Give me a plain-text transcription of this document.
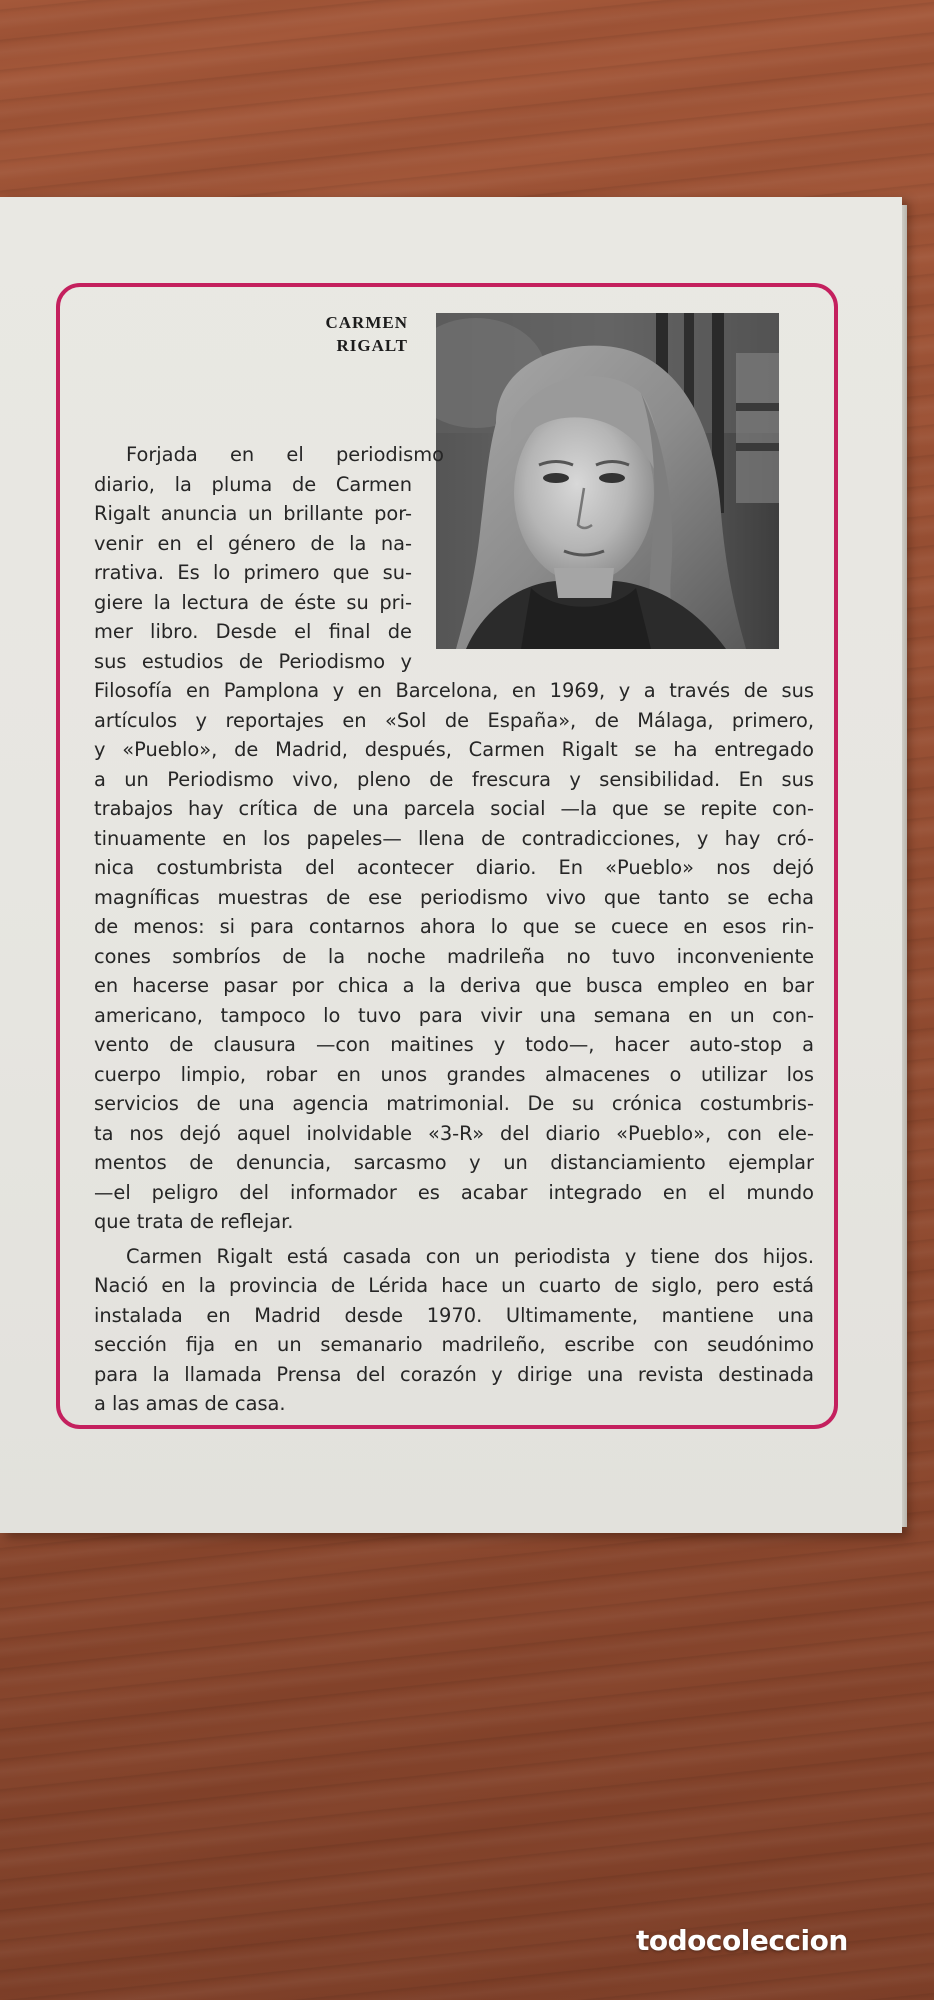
CARMEN
RIGALT

Forjada en el periodismo
diario, la pluma de Carmen
Rigalt anuncia un brillante por-
venir en el género de la na-
rrativa. Es lo primero que su-
giere la lectura de éste su pri-
mer libro. Desde el final de
sus estudios de Periodismo y
Filosofía en Pamplona y en Barcelona, en 1969, y a través de sus
artículos y reportajes en «Sol de España», de Málaga, primero,
y «Pueblo», de Madrid, después, Carmen Rigalt se ha entregado
a un Periodismo vivo, pleno de frescura y sensibilidad. En sus
trabajos hay crítica de una parcela social —la que se repite con-
tinuamente en los papeles— llena de contradicciones, y hay cró-
nica costumbrista del acontecer diario. En «Pueblo» nos dejó
magníficas muestras de ese periodismo vivo que tanto se echa
de menos: si para contarnos ahora lo que se cuece en esos rin-
cones sombríos de la noche madrileña no tuvo inconveniente
en hacerse pasar por chica a la deriva que busca empleo en bar
americano, tampoco lo tuvo para vivir una semana en un con-
vento de clausura —con maitines y todo—, hacer auto-stop a
cuerpo limpio, robar en unos grandes almacenes o utilizar los
servicios de una agencia matrimonial. De su crónica costumbris-
ta nos dejó aquel inolvidable «3-R» del diario «Pueblo», con ele-
mentos de denuncia, sarcasmo y un distanciamiento ejemplar
—el peligro del informador es acabar integrado en el mundo
que trata de reflejar.

Carmen Rigalt está casada con un periodista y tiene dos hijos.
Nació en la provincia de Lérida hace un cuarto de siglo, pero está
instalada en Madrid desde 1970. Ultimamente, mantiene una
sección fija en un semanario madrileño, escribe con seudónimo
para la llamada Prensa del corazón y dirige una revista destinada
a las amas de casa.

todocoleccion
